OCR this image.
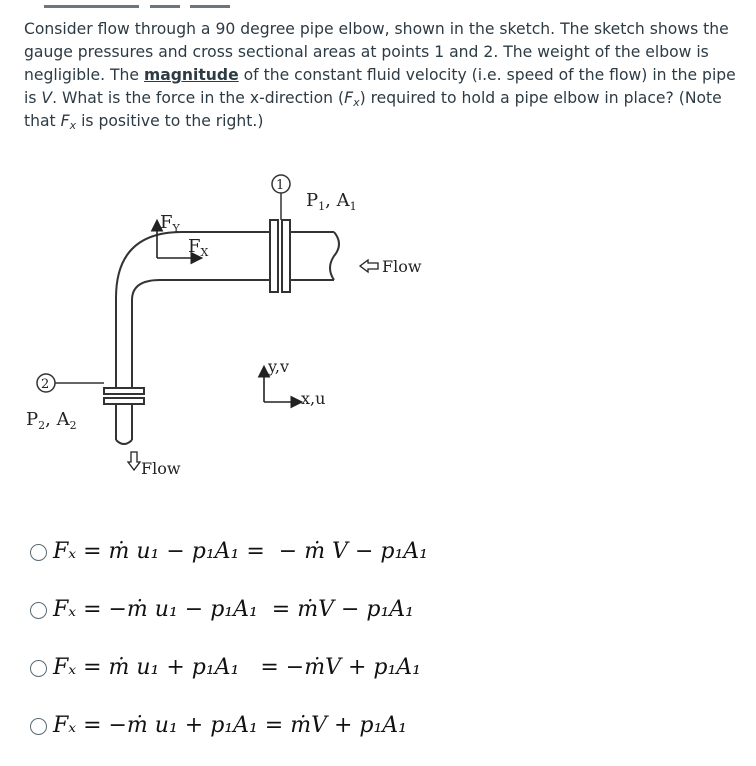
Consider flow through a 90 degree pipe elbow, shown in the sketch. The sketch shows the gauge pressures and cross sectional areas at points 1 and 2. The weight of the elbow is negligible. The magnitude of the constant fluid velocity (i.e. speed of the flow) in the pipe is V. What is the force in the x-direction $(F_x)$ required to hold a pipe elbow in place? (Note that $F_x$ is positive to the right.)
1
$P_1$, $A_1$
2
$P_2$, $A_2$
$F_Y$
$F_X$
Flow
Flow
y,v
x,u
Fₓ = ṁ u₁ − p₁A₁ =  − ṁ V − p₁A₁
Fₓ = −ṁ u₁ − p₁A₁  = ṁV − p₁A₁
Fₓ = ṁ u₁ + p₁A₁   = −ṁV + p₁A₁
Fₓ = −ṁ u₁ + p₁A₁ = ṁV + p₁A₁
